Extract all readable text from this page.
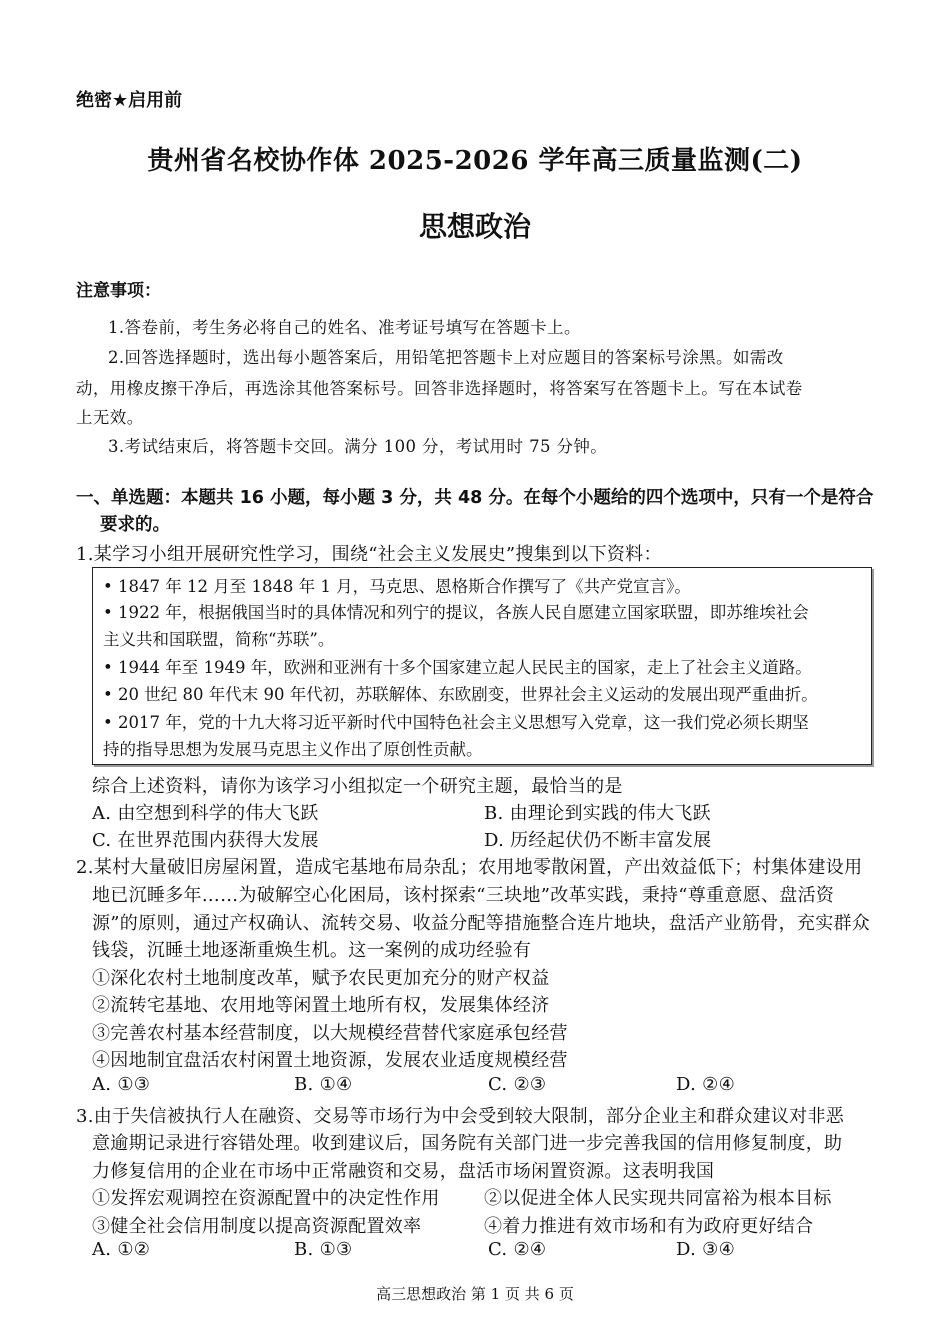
绝密★启用前
贵州省名校协作体 2025-2026 学年高三质量监测(二)
思想政治
注意事项：
1.答卷前，考生务必将自己的姓名、准考证号填写在答题卡上。
2.回答选择题时，选出每小题答案后，用铅笔把答题卡上对应题目的答案标号涂黑。如需改
动，用橡皮擦干净后，再选涂其他答案标号。回答非选择题时，将答案写在答题卡上。写在本试卷
上无效。
3.考试结束后，将答题卡交回。满分 100 分，考试用时 75 分钟。
一、单选题：本题共 16 小题，每小题 3 分，共 48 分。在每个小题给的四个选项中，只有一个是符合
要求的。
1.某学习小组开展研究性学习，围绕“社会主义发展史”搜集到以下资料：
• 1847 年 12 月至 1848 年 1 月，马克思、恩格斯合作撰写了《共产党宣言》。
• 1922 年，根据俄国当时的具体情况和列宁的提议，各族人民自愿建立国家联盟，即苏维埃社会
主义共和国联盟，简称“苏联”。
• 1944 年至 1949 年，欧洲和亚洲有十多个国家建立起人民民主的国家，走上了社会主义道路。
• 20 世纪 80 年代末 90 年代初，苏联解体、东欧剧变，世界社会主义运动的发展出现严重曲折。
• 2017 年，党的十九大将习近平新时代中国特色社会主义思想写入党章，这一我们党必须长期坚
持的指导思想为发展马克思主义作出了原创性贡献。
综合上述资料，请你为该学习小组拟定一个研究主题，最恰当的是
A. 由空想到科学的伟大飞跃	B. 由理论到实践的伟大飞跃
C. 在世界范围内获得大发展	D. 历经起伏仍不断丰富发展
2.某村大量破旧房屋闲置，造成宅基地布局杂乱；农用地零散闲置，产出效益低下；村集体建设用
地已沉睡多年……为破解空心化困局，该村探索“三块地”改革实践，秉持“尊重意愿、盘活资
源”的原则，通过产权确认、流转交易、收益分配等措施整合连片地块，盘活产业筋骨，充实群众
钱袋，沉睡土地逐渐重焕生机。这一案例的成功经验有
①深化农村土地制度改革，赋予农民更加充分的财产权益
②流转宅基地、农用地等闲置土地所有权，发展集体经济
③完善农村基本经营制度，以大规模经营替代家庭承包经营
④因地制宜盘活农村闲置土地资源，发展农业适度规模经营
A. ①③	B. ①④	C. ②③	D. ②④
3.由于失信被执行人在融资、交易等市场行为中会受到较大限制，部分企业主和群众建议对非恶
意逾期记录进行容错处理。收到建议后，国务院有关部门进一步完善我国的信用修复制度，助
力修复信用的企业在市场中正常融资和交易，盘活市场闲置资源。这表明我国
①发挥宏观调控在资源配置中的决定性作用 ②以促进全体人民实现共同富裕为根本目标
③健全社会信用制度以提高资源配置效率	④着力推进有效市场和有为政府更好结合
A. ①②	B. ①③	C. ②④	D. ③④
高三思想政治 第 1 页 共 6 页
